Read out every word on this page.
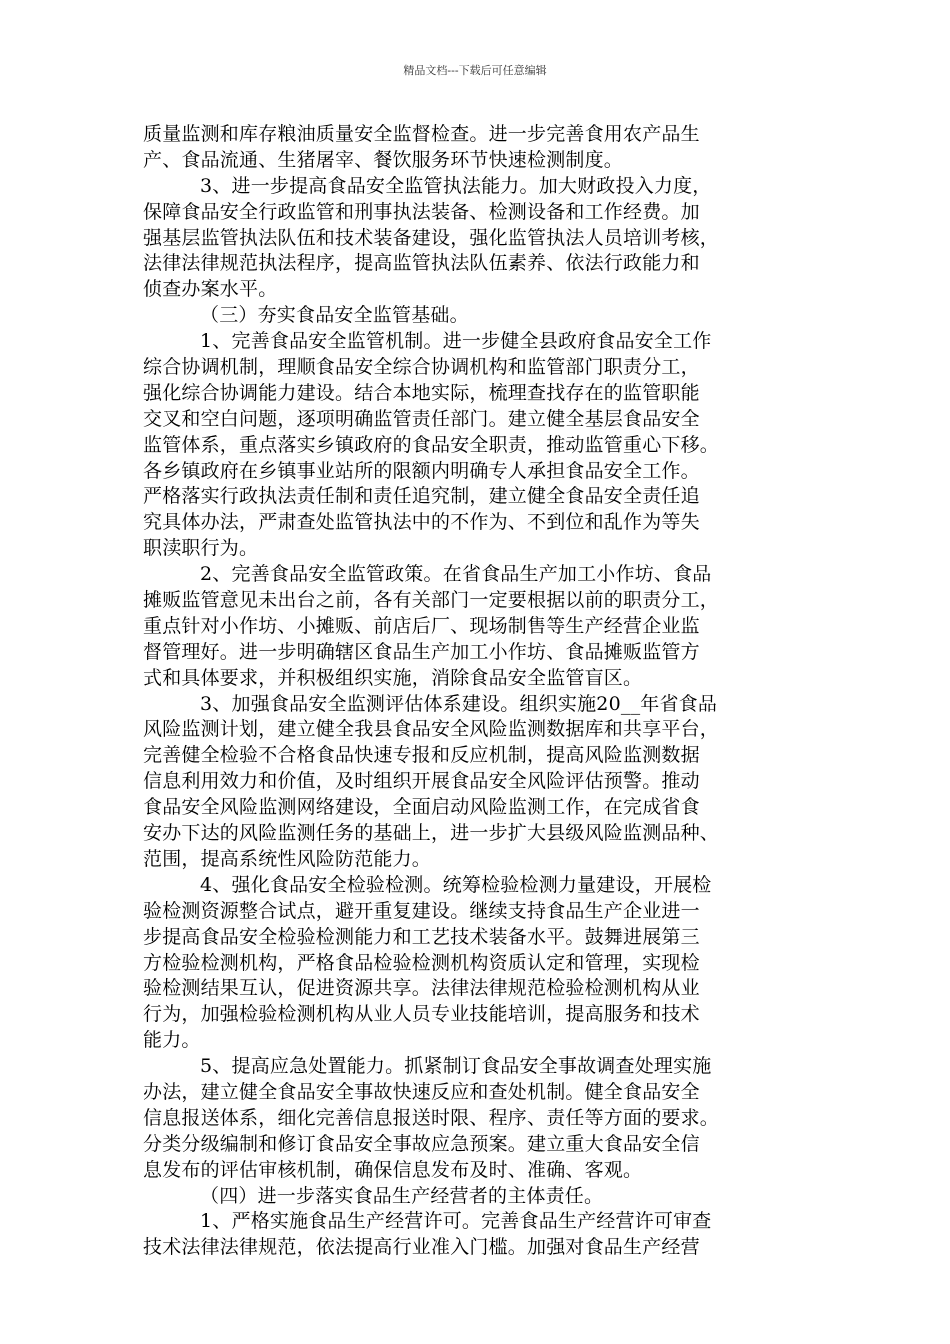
精品文档---下载后可任意编辑
质量监测和库存粮油质量安全监督检查。进一步完善食用农产品生
产、食品流通、生猪屠宰、餐饮服务环节快速检测制度。
3、进一步提高食品安全监管执法能力。加大财政投入力度，
保障食品安全行政监管和刑事执法装备、检测设备和工作经费。加
强基层监管执法队伍和技术装备建设，强化监管执法人员培训考核，
法律法律规范执法程序，提高监管执法队伍素养、依法行政能力和
侦查办案水平。
（三）夯实食品安全监管基础。
1、完善食品安全监管机制。进一步健全县政府食品安全工作
综合协调机制，理顺食品安全综合协调机构和监管部门职责分工，
强化综合协调能力建设。结合本地实际，梳理查找存在的监管职能
交叉和空白问题，逐项明确监管责任部门。建立健全基层食品安全
监管体系，重点落实乡镇政府的食品安全职责，推动监管重心下移。
各乡镇政府在乡镇事业站所的限额内明确专人承担食品安全工作。
严格落实行政执法责任制和责任追究制，建立健全食品安全责任追
究具体办法，严肃查处监管执法中的不作为、不到位和乱作为等失
职渎职行为。
2、完善食品安全监管政策。在省食品生产加工小作坊、食品
摊贩监管意见未出台之前，各有关部门一定要根据以前的职责分工，
重点针对小作坊、小摊贩、前店后厂、现场制售等生产经营企业监
督管理好。进一步明确辖区食品生产加工小作坊、食品摊贩监管方
式和具体要求，并积极组织实施，消除食品安全监管盲区。
3、加强食品安全监测评估体系建设。组织实施20__年省食品
风险监测计划，建立健全我县食品安全风险监测数据库和共享平台，
完善健全检验不合格食品快速专报和反应机制，提高风险监测数据
信息利用效力和价值，及时组织开展食品安全风险评估预警。推动
食品安全风险监测网络建设，全面启动风险监测工作，在完成省食
安办下达的风险监测任务的基础上，进一步扩大县级风险监测品种、
范围，提高系统性风险防范能力。
4、强化食品安全检验检测。统筹检验检测力量建设，开展检
验检测资源整合试点，避开重复建设。继续支持食品生产企业进一
步提高食品安全检验检测能力和工艺技术装备水平。鼓舞进展第三
方检验检测机构，严格食品检验检测机构资质认定和管理，实现检
验检测结果互认，促进资源共享。法律法律规范检验检测机构从业
行为，加强检验检测机构从业人员专业技能培训，提高服务和技术
能力。
5、提高应急处置能力。抓紧制订食品安全事故调查处理实施
办法，建立健全食品安全事故快速反应和查处机制。健全食品安全
信息报送体系，细化完善信息报送时限、程序、责任等方面的要求。
分类分级编制和修订食品安全事故应急预案。建立重大食品安全信
息发布的评估审核机制，确保信息发布及时、准确、客观。
（四）进一步落实食品生产经营者的主体责任。
1、严格实施食品生产经营许可。完善食品生产经营许可审查
技术法律法律规范，依法提高行业准入门槛。加强对食品生产经营
